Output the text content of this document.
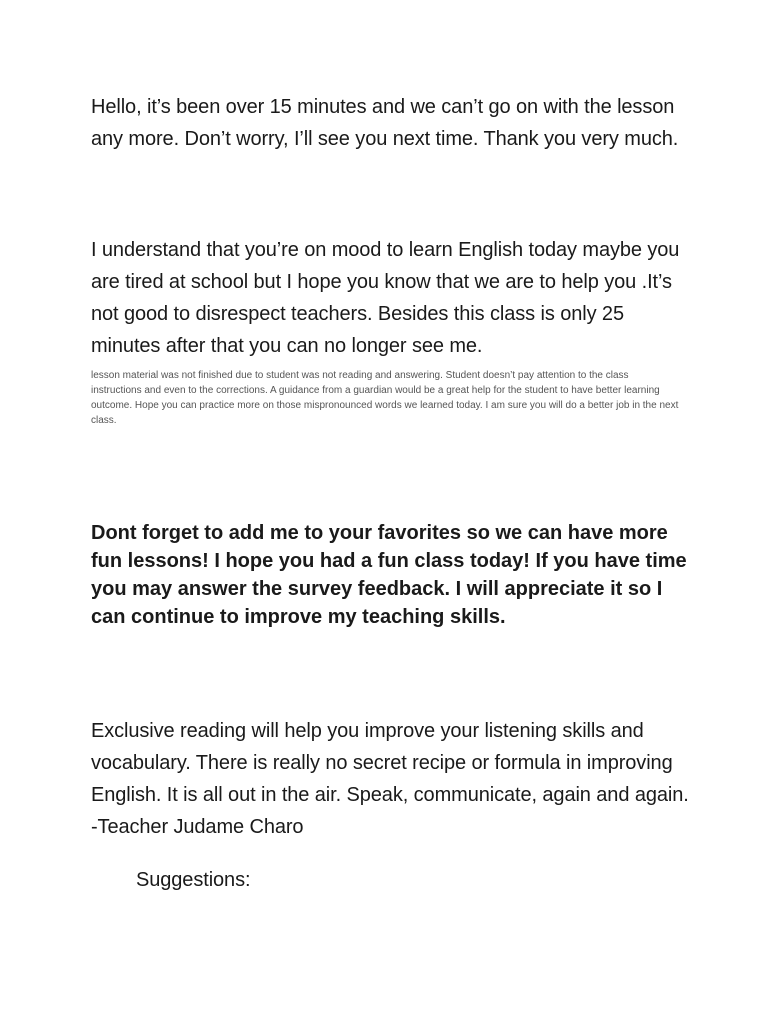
Hello, it’s been over 15 minutes and we can’t go on with the lesson any more. Don’t worry, I’ll see you next time. Thank you very much.

I understand that you’re on mood to learn English today maybe you are tired at school but I hope you know that we are to help you .It’s not good to disrespect teachers. Besides this class is only 25 minutes after that you can no longer see me.

lesson material was not finished due to student was not reading and answering. Student doesn’t pay attention to the class instructions and even to the corrections. A guidance from a guardian would be a great help for the student to have better learning outcome. Hope you can practice more on those mispronounced words we learned today. I am sure you will do a better job in the next class.

Dont forget to add me to your favorites so we can have more fun lessons! I hope you had a fun class today! If you have time you may answer the survey feedback. I will appreciate it so I can continue to improve my teaching skills.

Exclusive reading will help you improve your listening skills and vocabulary. There is really no secret recipe or formula in improving English. It is all out in the air. Speak, communicate, again and again. -Teacher Judame Charo

Suggestions:
